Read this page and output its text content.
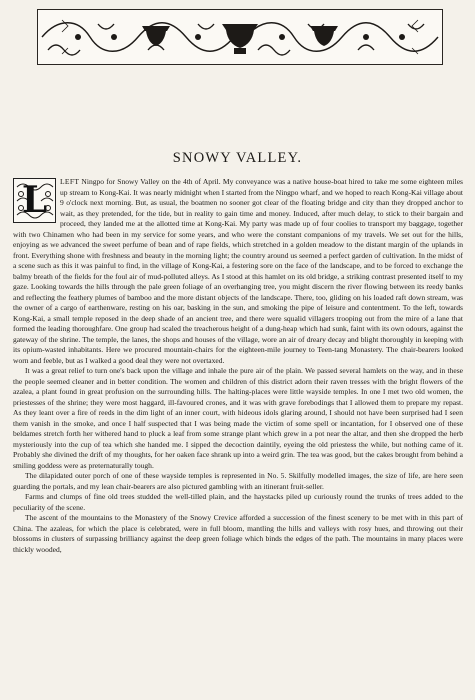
SNOWY VALLEY.
L	LEFT Ningpo for Snowy Valley on the 4th of April. My conveyance was a native house-boat hired to take me some eighteen miles up stream to Kong-Kai. It was nearly midnight when I started from the Ningpo wharf, and we hoped to reach Kong-Kai village about 9 o'clock next morning. But, as usual, the boatmen no sooner got clear of the floating bridge and city than they dropped anchor to wait, as they pretended, for the tide, but in reality to gain time and money. Induced, after much delay, to stick to their bargain and proceed, they landed me at the allotted time at Kong-Kai. My party was made up of four coolies to transport my baggage, together with two Chinamen who had been in my service for some years, and who were the constant companions of my travels. We set out for the hills, enjoying as we advanced the sweet perfume of bean and of rape fields, which stretched in a golden meadow to the distant margin of the uplands in front. Everything shone with freshness and beauty in the morning light; the country around us seemed a perfect garden of cultivation. In the midst of a scene such as this it was painful to find, in the village of Kong-Kai, a festering sore on the face of the landscape, and to be forced to exchange the balmy breath of the fields for the foul air of mud-polluted alleys. As I stood at this hamlet on its old bridge, a striking contrast presented itself to my gaze. Looking towards the hills through the pale green foliage of an overhanging tree, you might discern the river flowing between its reedy banks and reflecting the feathery plumes of bamboo and the more distant objects of the landscape. There, too, gliding on his loaded raft down stream, was the owner of a cargo of earthenware, resting on his oar, basking in the sun, and smoking the pipe of leisure and contentment. To the left, towards Kong-Kai, a small temple reposed in the deep shade of an ancient tree, and there were squalid villagers trooping out from the mire of a lane that formed the leading thoroughfare. One group had scaled the treacherous height of a dung-heap which had sunk, faint with its own odours, against the gateway of the shrine. The temple, the lanes, the shops and houses of the village, wore an air of dreary decay and blight thoroughly in keeping with its opium-wasted inhabitants. Here we procured mountain-chairs for the eighteen-mile journey to Teen-tang Monastery. The chair-bearers looked worn and feeble, but as I walked a good deal they were not overtaxed.

It was a great relief to turn one's back upon the village and inhale the pure air of the plain. We passed several hamlets on the way, and in these the people seemed cleaner and in better condition. The women and children of this district adorn their raven tresses with the bright flowers of the azalea, a plant found in great profusion on the surrounding hills. The halting-places were little wayside temples. In one I met two old women, the priestesses of the shrine; they were most haggard, ill-favoured crones, and it was with grave forebodings that I allowed them to prepare my repast. As they leant over a fire of reeds in the dim light of an inner court, with hideous idols glaring around, I should not have been surprised had I seen them vanish in the smoke, and once I half suspected that I was being made the victim of some spell or incantation, for I observed one of these beldames stretch forth her withered hand to pluck a leaf from some strange plant which grew in a pot near the altar, and then she dropped the herb mysteriously into the cup of tea which she handed me. I sipped the decoction daintily, eyeing the old priestess the while, but nothing came of it. Probably she divined the drift of my thoughts, for her oaken face shrank up into a weird grin. The tea was good, but the cakes brought from behind a smiling goddess were as preternaturally tough.

The dilapidated outer porch of one of these wayside temples is represented in No. 5. Skilfully modelled images, the size of life, are here seen guarding the portals, and my lean chair-bearers are also pictured gambling with an itinerant fruit-seller.

Farms and clumps of fine old trees studded the well-tilled plain, and the haystacks piled up curiously round the trunks of trees added to the peculiarity of the scene.

The ascent of the mountains to the Monastery of the Snowy Crevice afforded a succession of the finest scenery to be met with in this part of China. The azaleas, for which the place is celebrated, were in full bloom, mantling the hills and valleys with rosy hues, and throwing out their blossoms in clusters of surpassing brilliancy against the deep green foliage which binds the edges of the path. The mountains in many places were thickly wooded,
